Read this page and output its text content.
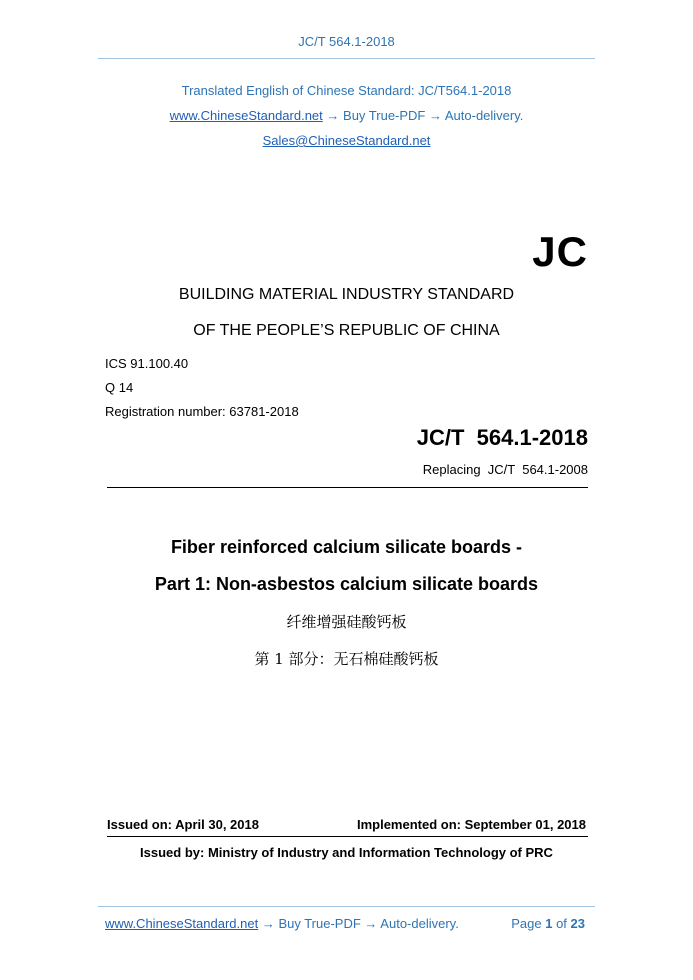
JC/T 564.1-2018
Translated English of Chinese Standard: JC/T564.1-2018
www.ChineseStandard.net → Buy True-PDF → Auto-delivery.
Sales@ChineseStandard.net
JC
BUILDING MATERIAL INDUSTRY STANDARD
OF THE PEOPLE’S REPUBLIC OF CHINA
ICS 91.100.40
Q 14
Registration number: 63781-2018
JC/T  564.1-2018
Replacing  JC/T  564.1-2008
Fiber reinforced calcium silicate boards -
Part 1: Non-asbestos calcium silicate boards
纤维增强硅酸钙板
第 1 部分：无石棉硅酸钙板
Issued on: April 30, 2018	Implemented on: September 01, 2018
Issued by: Ministry of Industry and Information Technology of PRC
www.ChineseStandard.net → Buy True-PDF → Auto-delivery.	Page 1 of 23
